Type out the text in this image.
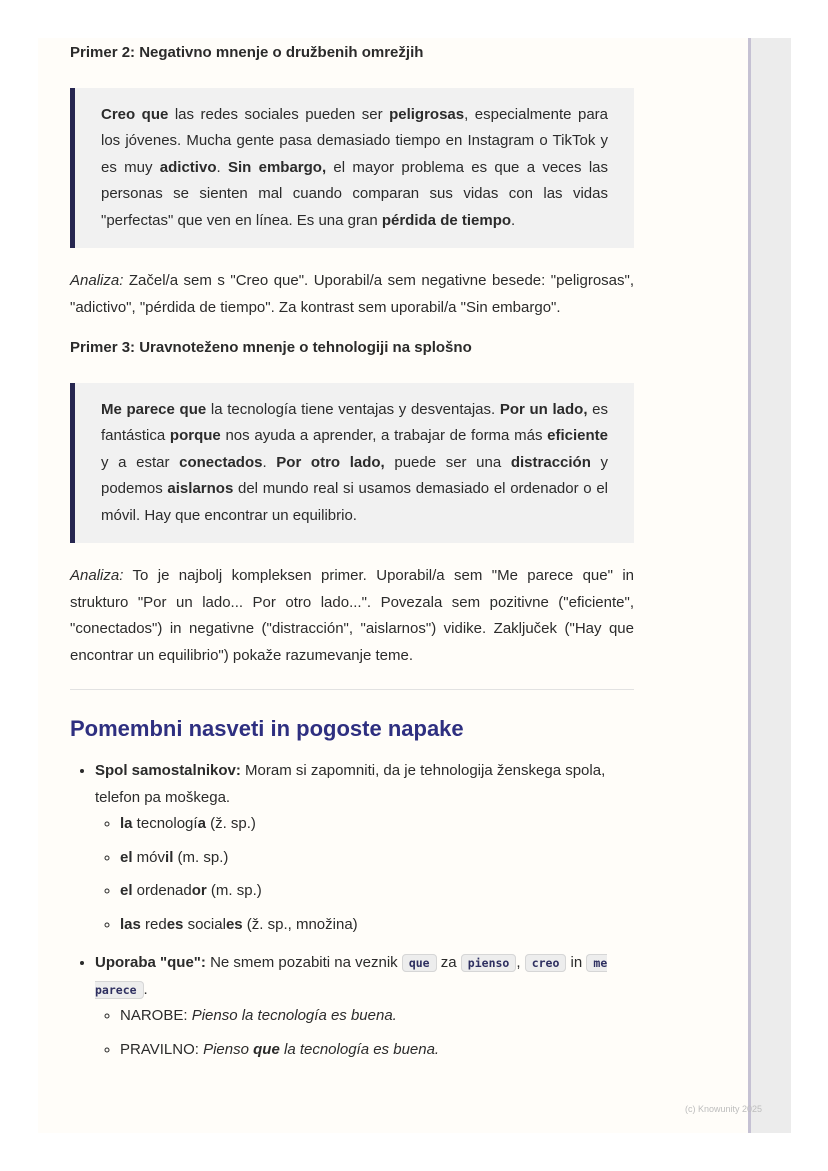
Primer 2: Negativno mnenje o družbenih omrežjih

Creo que las redes sociales pueden ser peligrosas, especialmente para los jóvenes. Mucha gente pasa demasiado tiempo en Instagram o TikTok y es muy adictivo. Sin embargo, el mayor problema es que a veces las personas se sienten mal cuando comparan sus vidas con las vidas "perfectas" que ven en línea. Es una gran pérdida de tiempo.

Analiza: Začel/a sem s "Creo que". Uporabil/a sem negativne besede: "peligrosas", "adictivo", "pérdida de tiempo". Za kontrast sem uporabil/a "Sin embargo".

Primer 3: Uravnoteženo mnenje o tehnologiji na splošno

Me parece que la tecnología tiene ventajas y desventajas. Por un lado, es fantástica porque nos ayuda a aprender, a trabajar de forma más eficiente y a estar conectados. Por otro lado, puede ser una distracción y podemos aislarnos del mundo real si usamos demasiado el ordenador o el móvil. Hay que encontrar un equilibrio.

Analiza: To je najbolj kompleksen primer. Uporabil/a sem "Me parece que" in strukturo "Por un lado... Por otro lado...". Povezala sem pozitivne ("eficiente", "conectados") in negativne ("distracción", "aislarnos") vidike. Zaključek ("Hay que encontrar un equilibrio") pokaže razumevanje teme.

Pomembni nasveti in pogoste napake
• Spol samostalnikov: Moram si zapomniti, da je tehnologija ženskega spola, telefon pa moškega.
◦ la tecnología (ž. sp.)
◦ el móvil (m. sp.)
◦ el ordenador (m. sp.)
◦ las redes sociales (ž. sp., množina)
• Uporaba "que": Ne smem pozabiti na veznik que za pienso , creo in me parece .
◦ NAROBE: Pienso la tecnología es buena.
◦ PRAVILNO: Pienso que la tecnología es buena.
(c) Knowunity 2025
